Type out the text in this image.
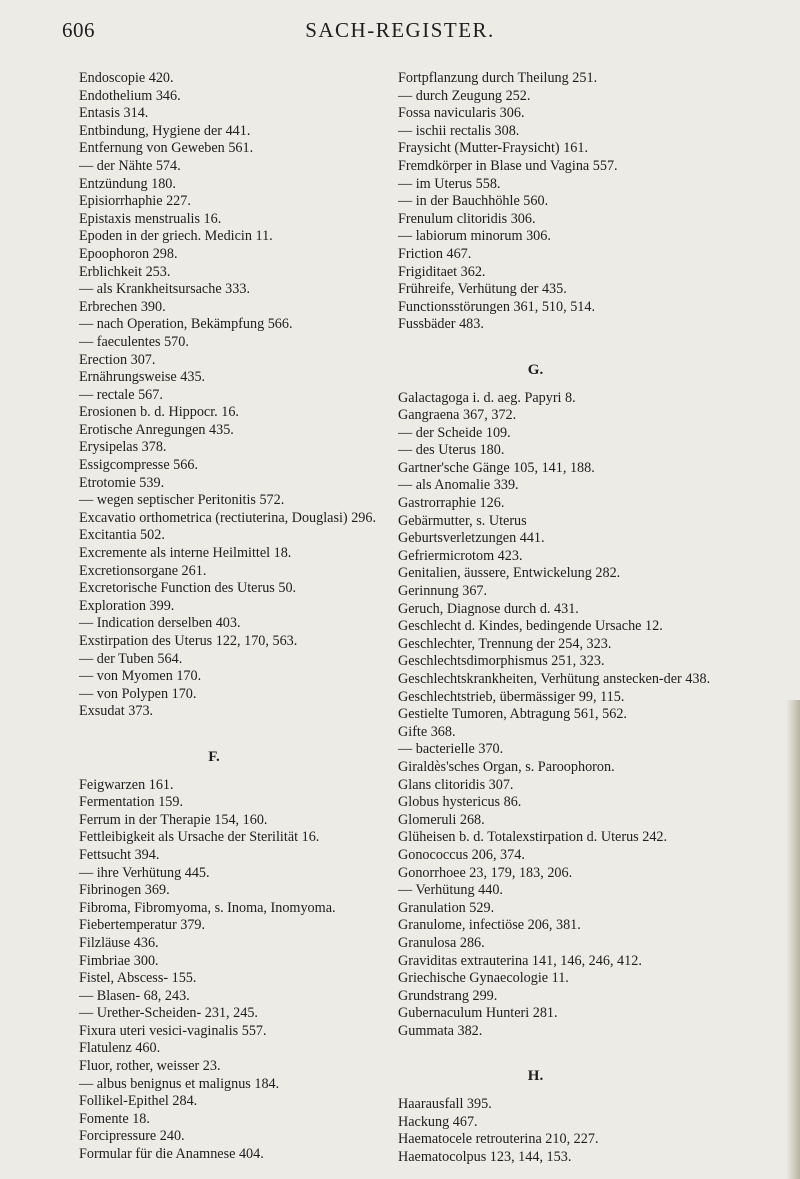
606	SACH-REGISTER.
Endoscopie 420.
Endothelium 346.
Entasis 314.
Entbindung, Hygiene der 441.
Entfernung von Geweben 561.
— der Nähte 574.
Entzündung 180.
Episiorrhaphie 227.
Epistaxis menstrualis 16.
Epoden in der griech. Medicin 11.
Epoophoron 298.
Erblichkeit 253.
— als Krankheitsursache 333.
Erbrechen 390.
— nach Operation, Bekämpfung 566.
— faeculentes 570.
Erection 307.
Ernährungsweise 435.
— rectale 567.
Erosionen b. d. Hippocr. 16.
Erotische Anregungen 435.
Erysipelas 378.
Essigcompresse 566.
Etrotomie 539.
— wegen septischer Peritonitis 572.
Excavatio orthometrica (rectiuterina, Douglasi) 296.
Excitantia 502.
Excremente als interne Heilmittel 18.
Excretionsorgane 261.
Excretorische Function des Uterus 50.
Exploration 399.
— Indication derselben 403.
Exstirpation des Uterus 122, 170, 563.
— der Tuben 564.
— von Myomen 170.
— von Polypen 170.
Exsudat 373.
F.
Feigwarzen 161.
Fermentation 159.
Ferrum in der Therapie 154, 160.
Fettleibigkeit als Ursache der Sterilität 16.
Fettsucht 394.
— ihre Verhütung 445.
Fibrinogen 369.
Fibroma, Fibromyoma, s. Inoma, Inomyoma.
Fiebertemperatur 379.
Filzläuse 436.
Fimbriae 300.
Fistel, Abscess- 155.
— Blasen- 68, 243.
— Urether-Scheiden- 231, 245.
Fixura uteri vesici-vaginalis 557.
Flatulenz 460.
Fluor, rother, weisser 23.
— albus benignus et malignus 184.
Follikel-Epithel 284.
Fomente 18.
Forcipressure 240.
Formular für die Anamnese 404.
Fortpflanzung durch Theilung 251.
— durch Zeugung 252.
Fossa navicularis 306.
— ischii rectalis 308.
Fraysicht (Mutter-Fraysicht) 161.
Fremdkörper in Blase und Vagina 557.
— im Uterus 558.
— in der Bauchhöhle 560.
Frenulum clitoridis 306.
— labiorum minorum 306.
Friction 467.
Frigiditaet 362.
Frühreife, Verhütung der 435.
Functionsstörungen 361, 510, 514.
Fussbäder 483.
G.
Galactagoga i. d. aeg. Papyri 8.
Gangraena 367, 372.
— der Scheide 109.
— des Uterus 180.
Gartner'sche Gänge 105, 141, 188.
— als Anomalie 339.
Gastrorraphie 126.
Gebärmutter, s. Uterus
Geburtsverletzungen 441.
Gefriermicrotom 423.
Genitalien, äussere, Entwickelung 282.
Gerinnung 367.
Geruch, Diagnose durch d. 431.
Geschlecht d. Kindes, bedingende Ursache 12.
Geschlechter, Trennung der 254, 323.
Geschlechtsdimorphismus 251, 323.
Geschlechtskrankheiten, Verhütung anstecken-der 438.
Geschlechtstrieb, übermässiger 99, 115.
Gestielte Tumoren, Abtragung 561, 562.
Gifte 368.
— bacterielle 370.
Giraldès'sches Organ, s. Paroophoron.
Glans clitoridis 307.
Globus hystericus 86.
Glomeruli 268.
Glüheisen b. d. Totalexstirpation d. Uterus 242.
Gonococcus 206, 374.
Gonorrhoee 23, 179, 183, 206.
— Verhütung 440.
Granulation 529.
Granulome, infectiöse 206, 381.
Granulosa 286.
Graviditas extrauterina 141, 146, 246, 412.
Griechische Gynaecologie 11.
Grundstrang 299.
Gubernaculum Hunteri 281.
Gummata 382.
H.
Haarausfall 395.
Hackung 467.
Haematocele retrouterina 210, 227.
Haematocolpus 123, 144, 153.
